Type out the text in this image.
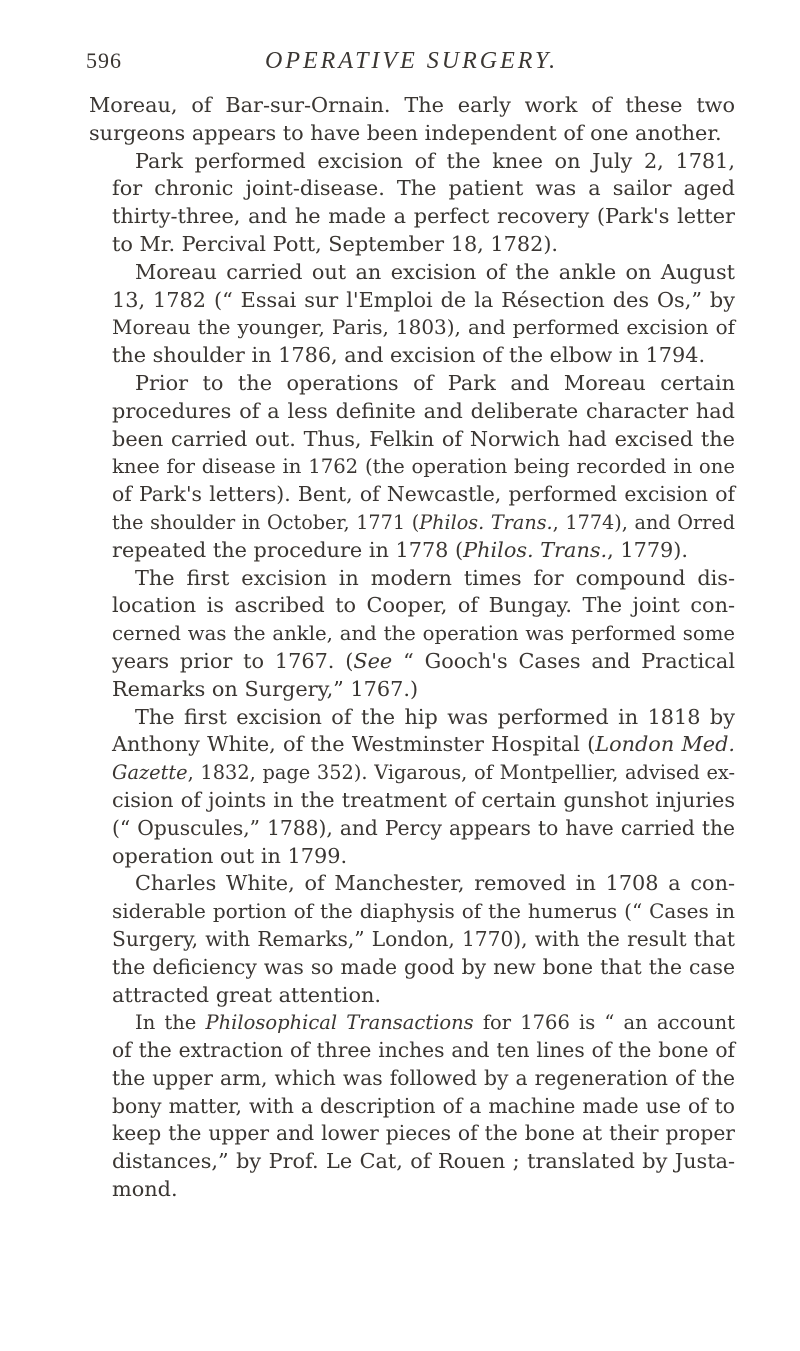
596	OPERATIVE SURGERY.
Moreau, of Bar-sur-Ornain. The early work of these two
surgeons appears to have been independent of one another.
Park performed excision of the knee on July 2, 1781,
for chronic joint-disease. The patient was a sailor aged
thirty-three, and he made a perfect recovery (Park's letter
to Mr. Percival Pott, September 18, 1782).
Moreau carried out an excision of the ankle on August
13, 1782 (“ Essai sur l'Emploi de la Résection des Os,” by
Moreau the younger, Paris, 1803), and performed excision of
the shoulder in 1786, and excision of the elbow in 1794.
Prior to the operations of Park and Moreau certain
procedures of a less definite and deliberate character had
been carried out. Thus, Felkin of Norwich had excised the
knee for disease in 1762 (the operation being recorded in one
of Park's letters). Bent, of Newcastle, performed excision of
the shoulder in October, 1771 (Philos. Trans., 1774), and Orred
repeated the procedure in 1778 (Philos. Trans., 1779).
The first excision in modern times for compound dis-
location is ascribed to Cooper, of Bungay. The joint con-
cerned was the ankle, and the operation was performed some
years prior to 1767. (See “ Gooch's Cases and Practical
Remarks on Surgery,” 1767.)
The first excision of the hip was performed in 1818 by
Anthony White, of the Westminster Hospital (London Med.
Gazette, 1832, page 352). Vigarous, of Montpellier, advised ex-
cision of joints in the treatment of certain gunshot injuries
(“ Opuscules,” 1788), and Percy appears to have carried the
operation out in 1799.
Charles White, of Manchester, removed in 1708 a con-
siderable portion of the diaphysis of the humerus (“ Cases in
Surgery, with Remarks,” London, 1770), with the result that
the deficiency was so made good by new bone that the case
attracted great attention.
In the Philosophical Transactions for 1766 is “ an account
of the extraction of three inches and ten lines of the bone of
the upper arm, which was followed by a regeneration of the
bony matter, with a description of a machine made use of to
keep the upper and lower pieces of the bone at their proper
distances,” by Prof. Le Cat, of Rouen ; translated by Justa-
mond.
